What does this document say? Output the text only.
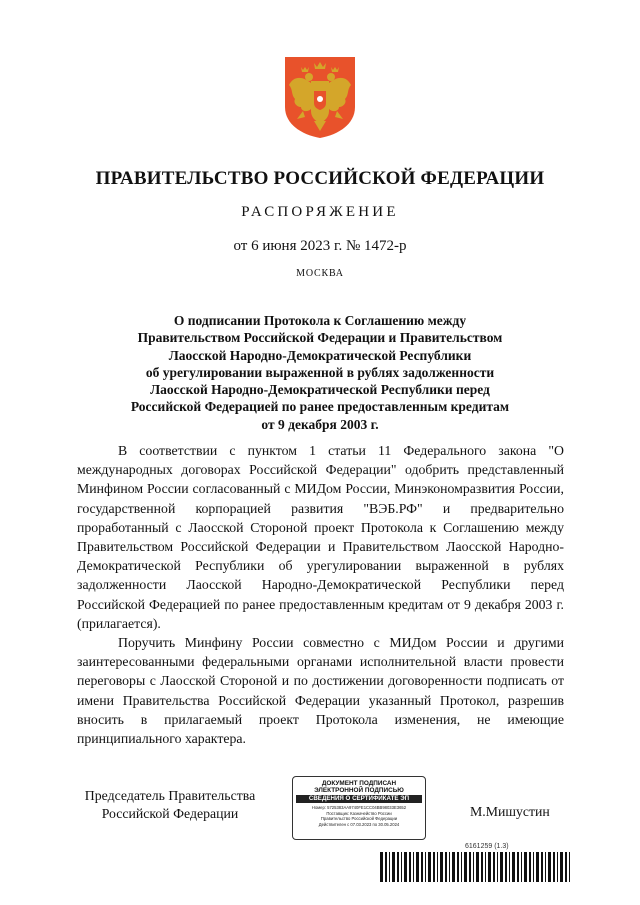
ПРАВИТЕЛЬСТВО РОССИЙСКОЙ ФЕДЕРАЦИИ
РАСПОРЯЖЕНИЕ
от 6 июня 2023 г. № 1472-р
МОСКВА
О подписании Протокола к Соглашению между
Правительством Российской Федерации и Правительством
Лаосской Народно-Демократической Республики
об урегулировании выраженной в рублях задолженности
Лаосской Народно-Демократической Республики перед
Российской Федерацией по ранее предоставленным кредитам
от 9 декабря 2003 г.

В соответствии с пунктом 1 статьи 11 Федерального закона "О международных договорах Российской Федерации" одобрить представленный Минфином России согласованный с МИДом России, Минэкономразвития России, государственной корпорацией развития "ВЭБ.РФ" и предварительно проработанный с Лаосской Стороной проект Протокола к Соглашению между Правительством Российской Федерации и Правительством Лаосской Народно-Демократической Республики об урегулировании выраженной в рублях задолженности Лаосской Народно-Демократической Республики перед Российской Федерацией по ранее предоставленным кредитам от 9 декабря 2003 г. (прилагается).

Поручить Минфину России совместно с МИДом России и другими заинтересованными федеральными органами исполнительной власти провести переговоры с Лаосской Стороной и по достижении договоренности подписать от имени Правительства Российской Федерации указанный Протокол, разрешив вносить в прилагаемый проект Протокола изменения, не имеющие принципиального характера.

Председатель Правительства
Российской Федерации
ДОКУМЕНТ ПОДПИСАН
ЭЛЕКТРОННОЙ ПОДПИСЬЮ
СВЕДЕНИЯ О СЕРТИФИКАТЕ ЭП
Номер: 5725383AA9740FE1CC04BB98033E3652
Поставщик: Казначейство России
Правительство Российской Федерации
Действителен с 07.03.2023 по 30.05.2024
М.Мишустин
6161259 (1.3)
